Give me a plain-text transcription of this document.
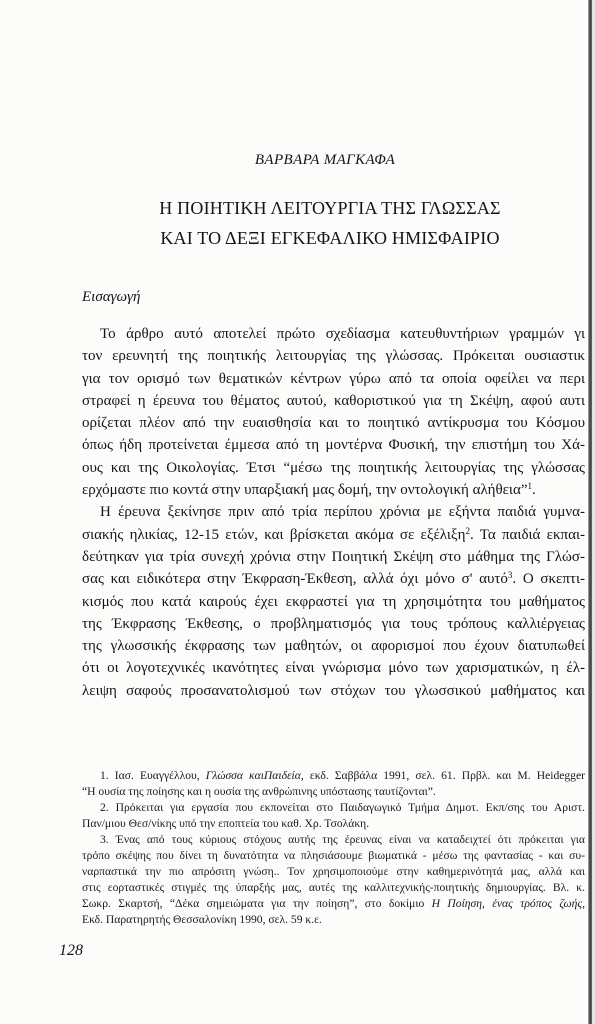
ΒΑΡΒΑΡΑ ΜΑΓΚΑΦΑ
Η ΠΟΙΗΤΙΚΗ ΛΕΙΤΟΥΡΓΙΑ ΤΗΣ ΓΛΩΣΣΑΣ
ΚΑΙ ΤΟ ΔΕΞΙ ΕΓΚΕΦΑΛΙΚΟ ΗΜΙΣΦΑΙΡΙΟ
Εισαγωγή
Το άρθρο αυτό αποτελεί πρώτο σχεδίασμα κατευθυντήριων γραμμών γι
τον ερευνητή της ποιητικής λειτουργίας της γλώσσας. Πρόκειται ουσιαστικ
για τον ορισμό των θεματικών κέντρων γύρω από τα οποία οφείλει να περι
στραφεί η έρευνα του θέματος αυτού, καθοριστικού για τη Σκέψη, αφού αυτι
ορίζεται πλέον από την ευαισθησία και το ποιητικό αντίκρυσμα του Κόσμου
όπως ήδη προτείνεται έμμεσα από τη μοντέρνα Φυσική, την επιστήμη του Χά-
ους και της Οικολογίας. Έτσι “μέσω της ποιητικής λειτουργίας της γλώσσας
ερχόμαστε πιο κοντά στην υπαρξιακή μας δομή, την οντολογική αλήθεια”$^1$.
Η έρευνα ξεκίνησε πριν από τρία περίπου χρόνια με εξήντα παιδιά γυμνα-
σιακής ηλικίας, 12-15 ετών, και βρίσκεται ακόμα σε εξέλιξη$^2$. Τα παιδιά εκπαι-
δεύτηκαν για τρία συνεχή χρόνια στην Ποιητική Σκέψη στο μάθημα της Γλώσ-
σας και ειδικότερα στην Έκφραση-Έκθεση, αλλά όχι μόνο σ' αυτό$^3$. Ο σκεπτι-
κισμός που κατά καιρούς έχει εκφραστεί για τη χρησιμότητα του μαθήματος
της Έκφρασης Έκθεσης, ο προβληματισμός για τους τρόπους καλλιέργειας
της γλωσσικής έκφρασης των μαθητών, οι αφορισμοί που έχουν διατυπωθεί
ότι οι λογοτεχνικές ικανότητες είναι γνώρισμα μόνο των χαρισματικών, η έλ-
λειψη σαφούς προσανατολισμού των στόχων του γλωσσικού μαθήματος και
1. Ιασ. Ευαγγέλλου, Γλώσσα καιΠαιδεία, εκδ. Σαββάλα 1991, σελ. 61. Πρβλ. και M. Heidegger
“Η ουσία της ποίησης και η ουσία της ανθρώπινης υπόστασης ταυτίζονται”.
2. Πρόκειται για εργασία που εκπονείται στο Παιδαγωγικό Τμήμα Δημοτ. Εκπ/σης του Αριστ.
Παν/μιου Θεσ/νίκης υπό την εποπτεία του καθ. Χρ. Τσολάκη.
3. Ένας από τους κύριους στόχους αυτής της έρευνας είναι να καταδειχτεί ότι πρόκειται για
τρόπο σκέψης που δίνει τη δυνατότητα να πλησιάσουμε βιωματικά - μέσω της φαντασίας - και συ-
ναρπαστικά την πιο απρόσιτη γνώση.. Τον χρησιμοποιούμε στην καθημερινότητά μας, αλλά και
στις εορταστικές στιγμές της ύπαρξής μας, αυτές της καλλιτεχνικής-ποιητικής δημιουργίας. Βλ. κ.
Σωκρ. Σκαρτσή, “Δέκα σημειώματα για την ποίηση”, στο δοκίμιο Η Ποίηση, ένας τρόπος ζωής,
Εκδ. Παρατηρητής Θεσσαλονίκη 1990, σελ. 59 κ.ε.
128
